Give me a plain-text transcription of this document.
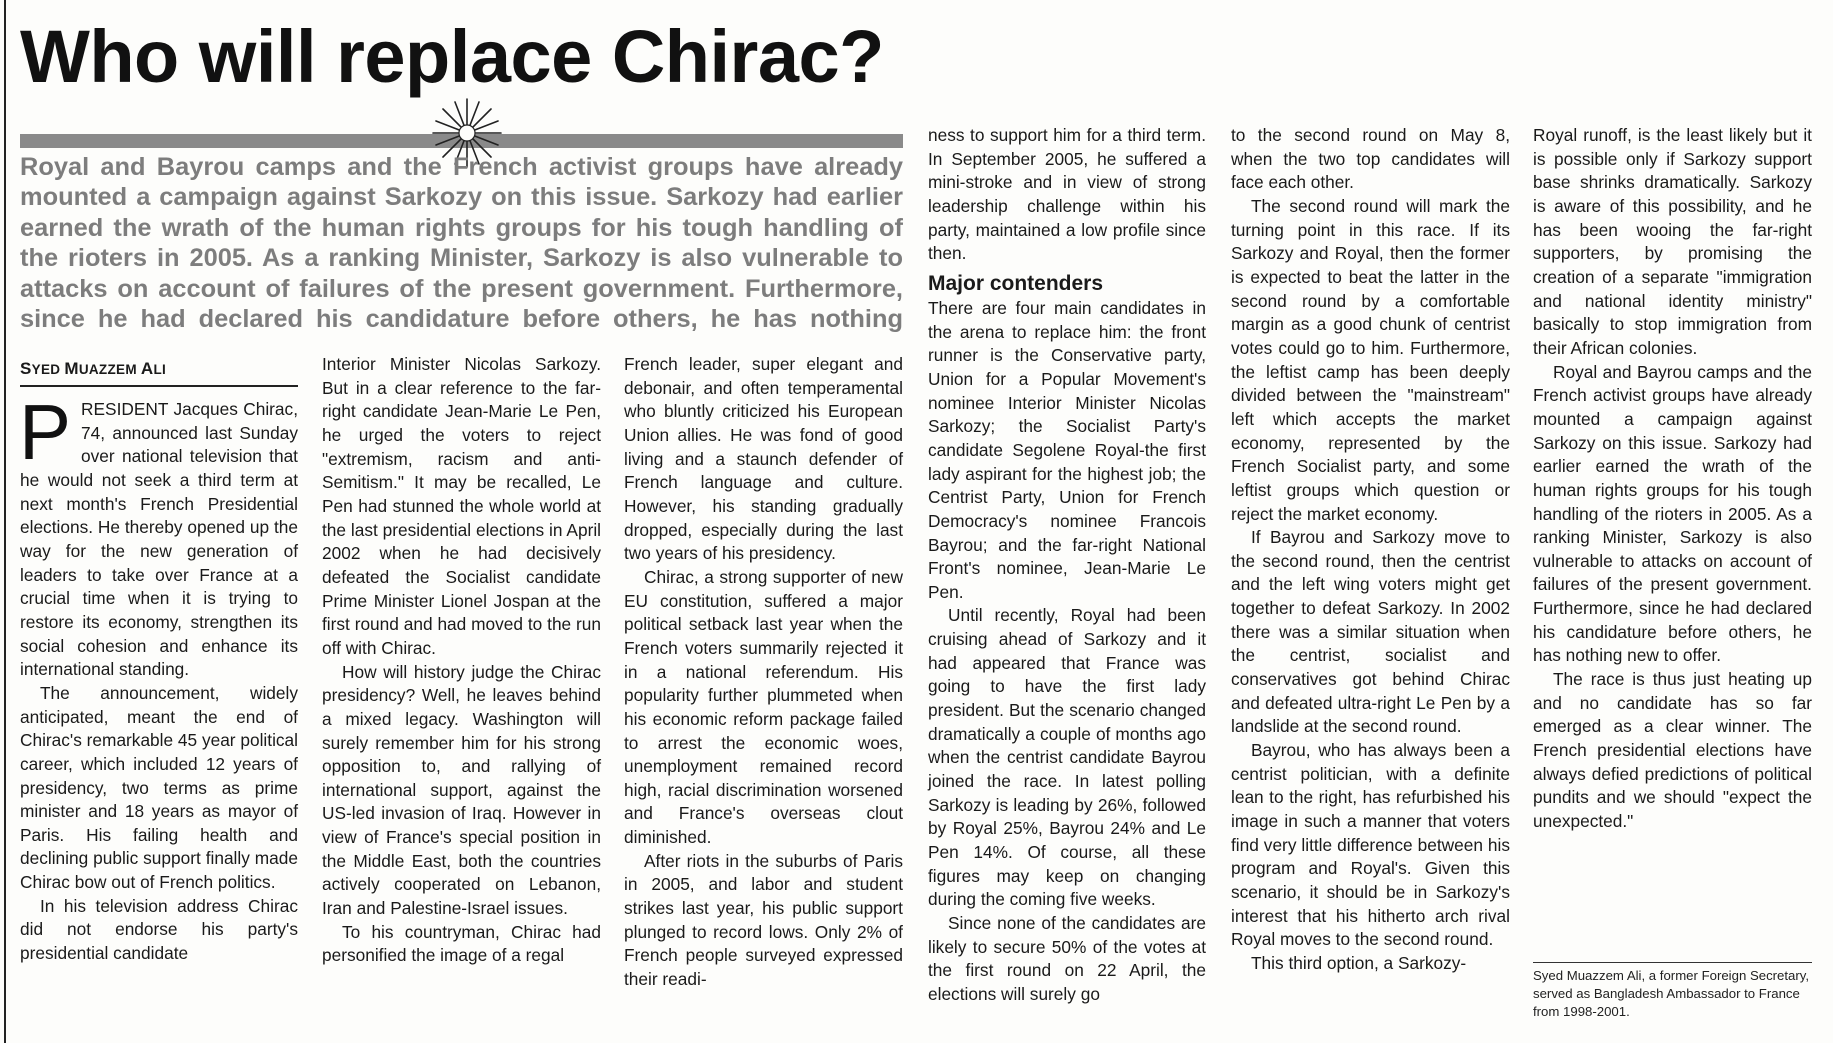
Who will replace Chirac?
Royal and Bayrou camps and the French activist groups have already
mounted a campaign against Sarkozy on this issue. Sarkozy had earlier
earned the wrath of the human rights groups for his tough handling of
the rioters in 2005. As a ranking Minister, Sarkozy is also vulnerable to
attacks on account of failures of the present government. Furthermore,
since he had declared his candidature before others, he has nothing

SYED MUAZZEM ALI

P RESIDENT Jacques Chirac, 74, announced last Sunday over national television that he would not seek a third term at next month's French Presidential elections. He thereby opened up the way for the new generation of leaders to take over France at a crucial time when it is trying to restore its economy, strengthen its social cohesion and enhance its international standing.

The announcement, widely anticipated, meant the end of Chirac's remarkable 45 year political career, which included 12 years of presidency, two terms as prime minister and 18 years as mayor of Paris. His failing health and declining public support finally made Chirac bow out of French politics.

In his television address Chirac did not endorse his party's presidential candidate

Interior Minister Nicolas Sarkozy. But in a clear reference to the far-right candidate Jean-Marie Le Pen, he urged the voters to reject "extremism, racism and anti-Semitism." It may be recalled, Le Pen had stunned the whole world at the last presidential elections in April 2002 when he had decisively defeated the Socialist candidate Prime Minister Lionel Jospan at the first round and had moved to the run off with Chirac.

How will history judge the Chirac presidency? Well, he leaves behind a mixed legacy. Washington will surely remember him for his strong opposition to, and rallying of international support, against the US-led invasion of Iraq. However in view of France's special position in the Middle East, both the countries actively cooperated on Lebanon, Iran and Palestine-Israel issues.

To his countryman, Chirac had personified the image of a regal

French leader, super elegant and debonair, and often temperamental who bluntly criticized his European Union allies. He was fond of good living and a staunch defender of French language and culture. However, his standing gradually dropped, especially during the last two years of his presidency.

Chirac, a strong supporter of new EU constitution, suffered a major political setback last year when the French voters summarily rejected it in a national referendum. His popularity further plummeted when his economic reform package failed to arrest the economic woes, unemployment remained record high, racial discrimination worsened and France's overseas clout diminished.

After riots in the suburbs of Paris in 2005, and labor and student strikes last year, his public support plunged to record lows. Only 2% of French people surveyed expressed their readi-

ness to support him for a third term. In September 2005, he suffered a mini-stroke and in view of strong leadership challenge within his party, maintained a low profile since then.

Major contenders

There are four main candidates in the arena to replace him: the front runner is the Conservative party, Union for a Popular Movement's nominee Interior Minister Nicolas Sarkozy; the Socialist Party's candidate Segolene Royal-the first lady aspirant for the highest job; the Centrist Party, Union for French Democracy's nominee Francois Bayrou; and the far-right National Front's nominee, Jean-Marie Le Pen.

Until recently, Royal had been cruising ahead of Sarkozy and it had appeared that France was going to have the first lady president. But the scenario changed dramatically a couple of months ago when the centrist candidate Bayrou joined the race. In latest polling Sarkozy is leading by 26%, followed by Royal 25%, Bayrou 24% and Le Pen 14%. Of course, all these figures may keep on changing during the coming five weeks.

Since none of the candidates are likely to secure 50% of the votes at the first round on 22 April, the elections will surely go

to the second round on May 8, when the two top candidates will face each other.

The second round will mark the turning point in this race. If its Sarkozy and Royal, then the former is expected to beat the latter in the second round by a comfortable margin as a good chunk of centrist votes could go to him. Furthermore, the leftist camp has been deeply divided between the "mainstream" left which accepts the market economy, represented by the French Socialist party, and some leftist groups which question or reject the market economy.

If Bayrou and Sarkozy move to the second round, then the centrist and the left wing voters might get together to defeat Sarkozy. In 2002 there was a similar situation when the centrist, socialist and conservatives got behind Chirac and defeated ultra-right Le Pen by a landslide at the second round.

Bayrou, who has always been a centrist politician, with a definite lean to the right, has refurbished his image in such a manner that voters find very little difference between his program and Royal's. Given this scenario, it should be in Sarkozy's interest that his hitherto arch rival Royal moves to the second round.

This third option, a Sarkozy-

Royal runoff, is the least likely but it is possible only if Sarkozy support base shrinks dramatically. Sarkozy is aware of this possibility, and he has been wooing the far-right supporters, by promising the creation of a separate "immigration and national identity ministry" basically to stop immigration from their African colonies.

Royal and Bayrou camps and the French activist groups have already mounted a campaign against Sarkozy on this issue. Sarkozy had earlier earned the wrath of the human rights groups for his tough handling of the rioters in 2005. As a ranking Minister, Sarkozy is also vulnerable to attacks on account of failures of the present government. Furthermore, since he had declared his candidature before others, he has nothing new to offer.

The race is thus just heating up and no candidate has so far emerged as a clear winner. The French presidential elections have always defied predictions of political pundits and we should "expect the unexpected."

Syed Muazzem Ali, a former Foreign Secretary, served as Bangladesh Ambassador to France from 1998-2001.
